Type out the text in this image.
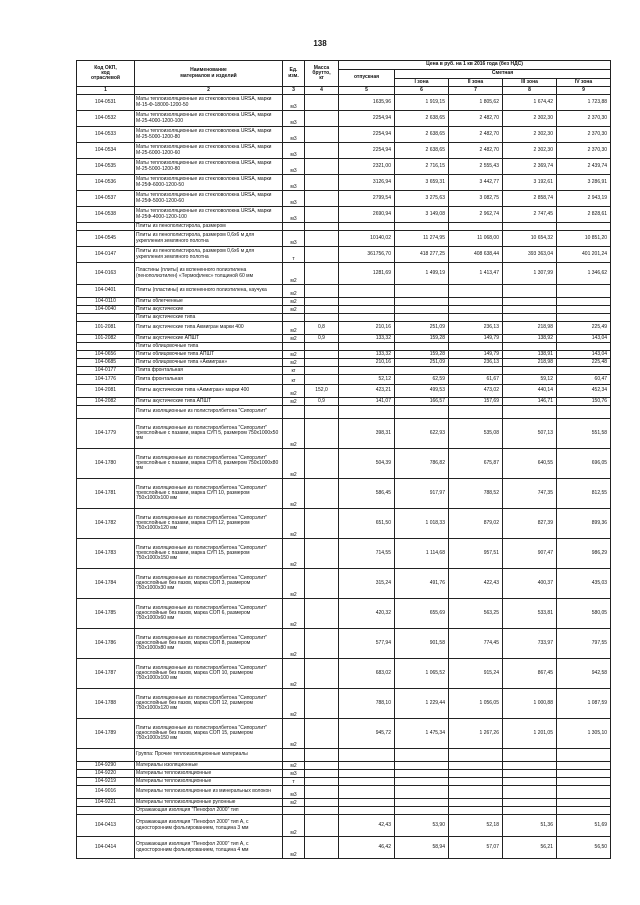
138
Код ОКП,
код
отраслевой	Наименование
материалов и изделий	Ед.
изм.	Масса
брутто,
кг	Цена в руб. на 1 кв 2016 года (без НДС)				
				отпускная	Сметная			
					I зона	II зона	III зона	IV зона
1	2	3	4	5	6	7	8	9
104-0531	Маты теплоизоляционные из стекловолокна URSA, марки М-15-Ф-18000-1200-50	м3		1635,96	1 919,15	1 805,62	1 674,42	1 723,88
104-0532	Маты теплоизоляционные из стекловолокна URSA, марки М-25-4000-1200-100	м3		2254,94	2 638,65	2 482,70	2 302,30	2 370,30
104-0533	Маты теплоизоляционные из стекловолокна URSA, марки М-25-5000-1200-80	м3		2254,94	2 638,65	2 482,70	2 302,30	2 370,30
104-0534	Маты теплоизоляционные из стекловолокна URSA, марки М-25-6000-1200-60	м3		2254,94	2 638,65	2 482,70	2 302,30	2 370,30
104-0535	Маты теплоизоляционные из стекловолокна URSA, марки М-25-5000-1200-80	м3		2321,00	2 716,15	2 555,43	2 369,74	2 439,74
104-0536	Маты теплоизоляционные из стекловолокна URSA, марки М-25Ф-6000-1200-50	м3		3126,94	3 659,31	3 442,77	3 192,61	3 286,91
104-0537	Маты теплоизоляционные из стекловолокна URSA, марки М-25Ф-5000-1200-60	м3		2799,54	3 275,63	3 082,75	2 858,74	2 943,19
104-0538	Маты теплоизоляционные из стекловолокна URSA, марки М-25Ф-4000-1200-100	м3		2690,94	3 149,08	2 962,74	2 747,45	2 828,61
	Плиты из пенополистирола, размером							
104-0545	Плиты из пенополистирола, размером 0,6х6 м для укрепления земляного полотна	м3		10140,02	11 274,95	11 068,00	10 654,32	10 851,20
104-0147	Плиты из пенополистирола, размером 0,6х6 м для укрепления земляного полотна	т		361756,70	418 277,25	408 638,44	393 363,04	401 201,24
104-0163	Пластины (плиты) из вспененного полиэтилена (пенополиэтилен) «Термофлекс» толщиной 60 мм	м2		1281,69	1 499,19	1 413,47	1 307,99	1 346,62
104-0401	Плиты (пластины) из вспененного полиэтилена, каучука	м2						
104-0110	Плиты облегченные	м2						
104-0040	Плиты акустические	м2						
	Плиты акустические типа							
101-2081	Плиты акустические типа Акмигран марки 400	м2	0,8	210,16	251,09	236,13	218,98	225,49
101-2082	Плиты акустические АПШТ	м2	0,9	133,32	159,28	149,79	138,92	143,04
	Плиты облицовочные типа							
104-0656	Плиты облицовочные типа АПШТ	м2		133,32	159,28	149,79	138,91	143,04
104-0685	Плиты облицовочные типа «Акмигран»	м2		210,16	251,09	236,13	218,98	225,48
104-0177	Плита фронтальная	кг						
104-1776	Плита фронтальная	кг		52,12	62,59	61,67	59,12	60,47
104-2081	Плиты акустические типа «Акмигран» марки 400	м2	152,0	423,21	499,53	473,02	440,14	452,34
104-2082	Плиты акустические типа АПШТ	м2	0,9	141,07	166,57	157,69	146,71	150,76
	Плиты изоляционные из полистиролбетона "Сипорэлит"							
104-1779	Плиты изоляционные из полистиролбетона "Сипорэлит" трехслойные с пазами, марка СУП 5, размером 750х1000х50 мм	м2		398,31	622,93	535,08	507,13	551,58
104-1780	Плиты изоляционные из полистиролбетона "Сипорэлит" трехслойные с пазами, марка СУП 8, размером 750х1000х80 мм	м2		504,39	786,82	675,87	640,55	696,05
104-1781	Плиты изоляционные из полистиролбетона "Сипорэлит" трехслойные с пазами, марка СУП 10, размером 750х1000х100 мм	м2		586,45	917,97	788,52	747,35	812,55
104-1782	Плиты изоляционные из полистиролбетона "Сипорэлит" трехслойные с пазами, марка СУП 12, размером 750х1000х120 мм	м2		651,50	1 018,33	879,02	827,39	899,36
104-1783	Плиты изоляционные из полистиролбетона "Сипорэлит" трехслойные с пазами, марка СУП 15, размером 750х1000х150 мм	м2		714,55	1 114,68	957,51	907,47	986,29
104-1784	Плиты изоляционные из полистиролбетона "Сипорэлит" однослойные без пазов, марка СОП 3, размером 750х1000х30 мм	м2		315,24	491,76	422,43	400,37	435,03
104-1785	Плиты изоляционные из полистиролбетона "Сипорэлит" однослойные без пазов, марка СОП 6, размером 750х1000х60 мм	м2		420,32	655,69	563,25	533,81	580,05
104-1786	Плиты изоляционные из полистиролбетона "Сипорэлит" однослойные без пазов, марка СОП 8, размером 750х1000х80 мм	м2		577,94	901,58	774,45	733,97	797,55
104-1787	Плиты изоляционные из полистиролбетона "Сипорэлит" однослойные без пазов, марка СОП 10, размером 750х1000х100 мм	м2		683,02	1 065,52	915,24	867,45	942,58
104-1788	Плиты изоляционные из полистиролбетона "Сипорэлит" однослойные без пазов, марка СОП 12, размером 750х1000х120 мм	м2		788,10	1 229,44	1 056,05	1 000,88	1 087,59
104-1789	Плиты изоляционные из полистиролбетона "Сипорэлит" однослойные без пазов, марка СОП 15, размером 750х1000х150 мм	м2		945,72	1 475,34	1 267,26	1 201,05	1 305,10
	Группа: Прочие теплоизоляционные материалы							
104-9290	Материалы изоляционные	м2						
104-9220	Материалы теплоизоляционные	м3						
104-9219	Материалы теплоизоляционные	т						
104-9016	Материалы теплоизоляционные из минеральных волокон	м3						
104-9221	Материалы теплоизоляционные рулонные	м2						
	Отражающая изоляция "Пенофол 2000" тип							
104-0413	Отражающая изоляция "Пенофол 2000" тип А, с односторонним фольгированием, толщина 3 мм	м2		42,43	53,90	52,18	51,36	51,69
104-0414	Отражающая изоляция "Пенофол 2000" тип А, с односторонним фольгированием, толщина 4 мм	м2		46,42	58,94	57,07	56,21	56,50
